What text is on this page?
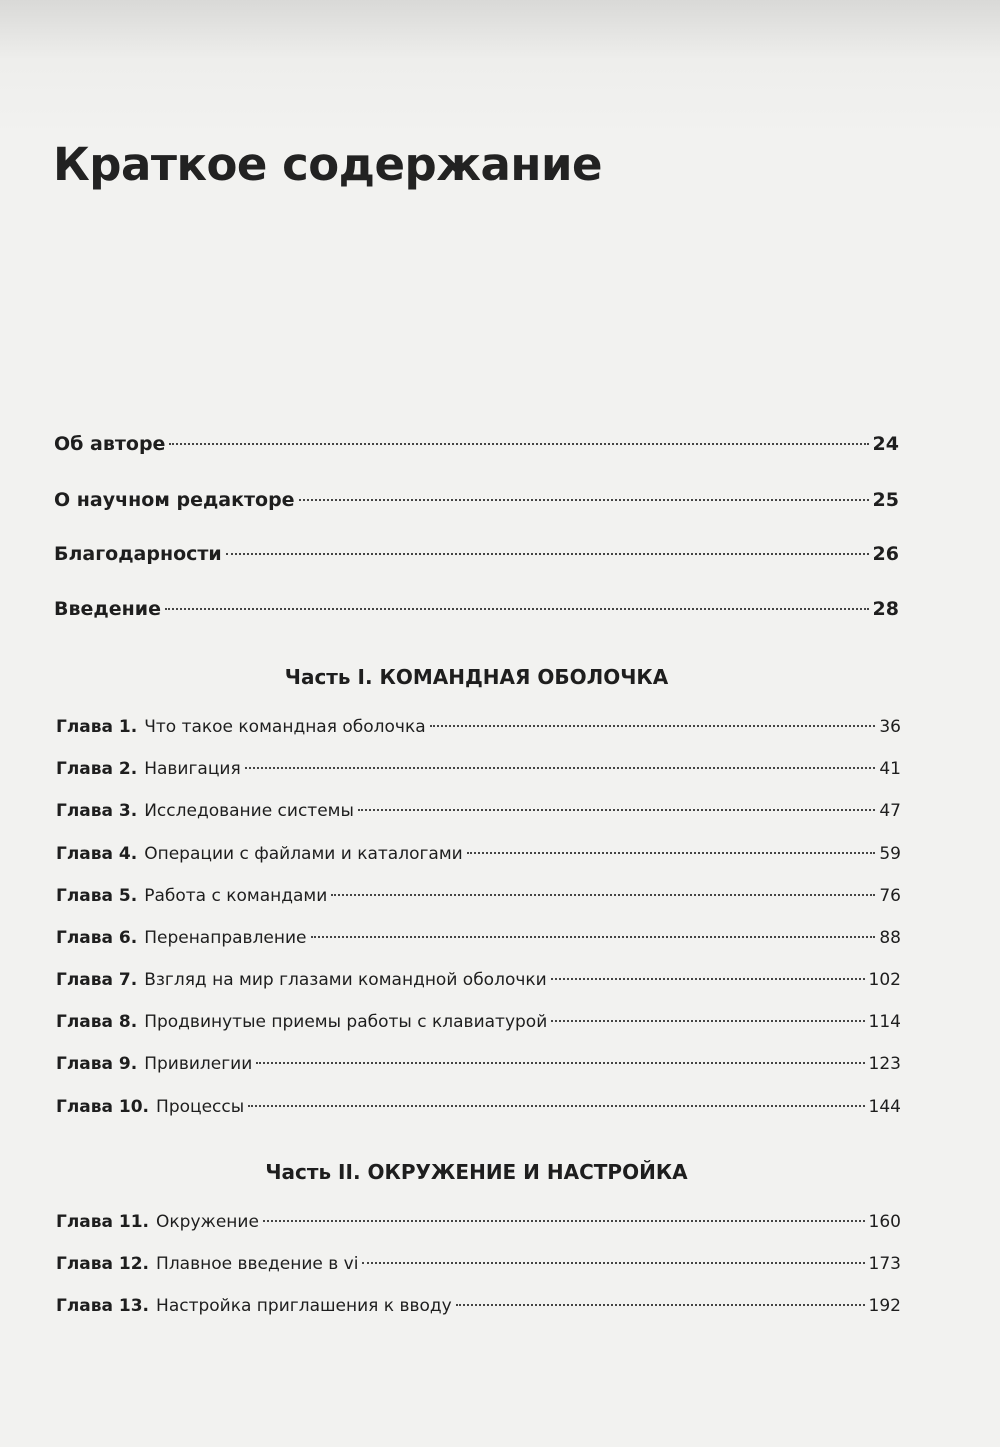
Краткое содержание
Об авторе	24
О научном редакторе	25
Благодарности	26
Введение	28
Часть I. КОМАНДНАЯ ОБОЛОЧКА
Глава 1. Что такое командная оболочка	36
Глава 2. Навигация	41
Глава 3. Исследование системы	47
Глава 4. Операции с файлами и каталогами	59
Глава 5. Работа с командами	76
Глава 6. Перенаправление	88
Глава 7. Взгляд на мир глазами командной оболочки	102
Глава 8. Продвинутые приемы работы с клавиатурой	114
Глава 9. Привилегии	123
Глава 10. Процессы	144
Часть II. ОКРУЖЕНИЕ И НАСТРОЙКА
Глава 11. Окружение	160
Глава 12. Плавное введение в vi	173
Глава 13. Настройка приглашения к вводу	192
